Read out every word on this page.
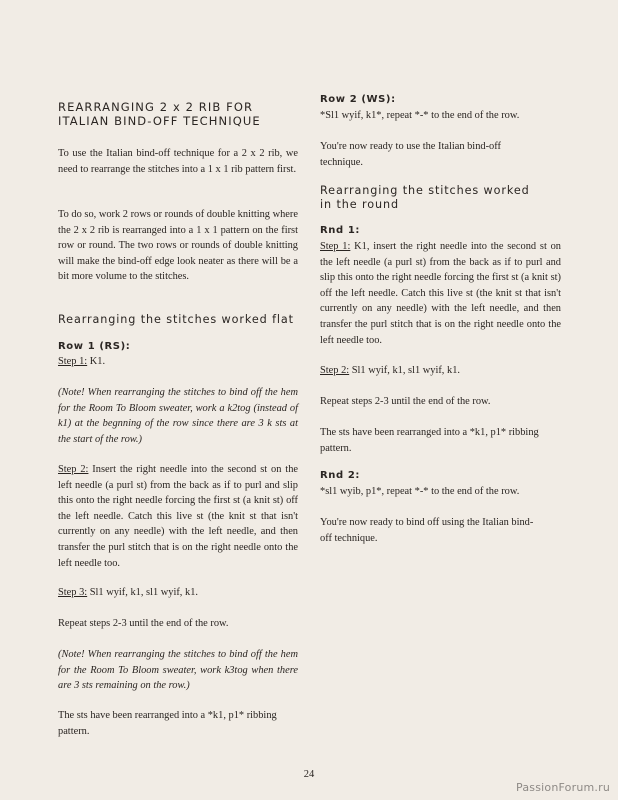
REARRANGING 2 x 2 RIB FOR ITALIAN BIND-OFF TECHNIQUE

To use the Italian bind-off technique for a 2 x 2 rib, we need to rearrange the stitches into a 1 x 1 rib pattern first.

To do so, work 2 rows or rounds of double knitting where the 2 x 2 rib is rearranged into a 1 x 1 pattern on the first row or round. The two rows or rounds of double knitting will make the bind-off edge look neater as there will be a bit more volume to the stitches.

Rearranging the stitches worked flat

Row 1 (RS):

Step 1: K1.

(Note! When rearranging the stitches to bind off the hem for the Room To Bloom sweater, work a k2tog (instead of k1) at the begnning of the row since there are 3 k sts at the start of the row.)

Step 2: Insert the right needle into the second st on the left needle (a purl st) from the back as if to purl and slip this onto the right needle forcing the first st (a knit st) off the left needle. Catch this live st (the knit st that isn't currently on any needle) with the left needle, and then transfer the purl stitch that is on the right needle onto the left needle too.

Step 3: Sl1 wyif, k1, sl1 wyif, k1.

Repeat steps 2-3 until the end of the row.

(Note! When rearranging the stitches to bind off the hem for the Room To Bloom sweater, work k3tog when there are 3 sts remaining on the row.)

The sts have been rearranged into a *k1, p1* ribbing pattern.

Row 2 (WS):

*Sl1 wyif, k1*, repeat *-* to the end of the row.

You're now ready to use the Italian bind-off technique.

Rearranging the stitches worked in the round

Rnd 1:

Step 1: K1, insert the right needle into the second st on the left needle (a purl st) from the back as if to purl and slip this onto the right needle forcing the first st (a knit st) off the left needle. Catch this live st (the knit st that isn't currently on any needle) with the left needle, and then transfer the purl stitch that is on the right needle onto the left needle too.

Step 2: Sl1 wyif, k1, sl1 wyif, k1.

Repeat steps 2-3 until the end of the row.

The sts have been rearranged into a *k1, p1* ribbing pattern.

Rnd 2:

*sl1 wyib, p1*, repeat *-* to the end of the row.

You're now ready to bind off using the Italian bind-off technique.

24
PassionForum.ru
